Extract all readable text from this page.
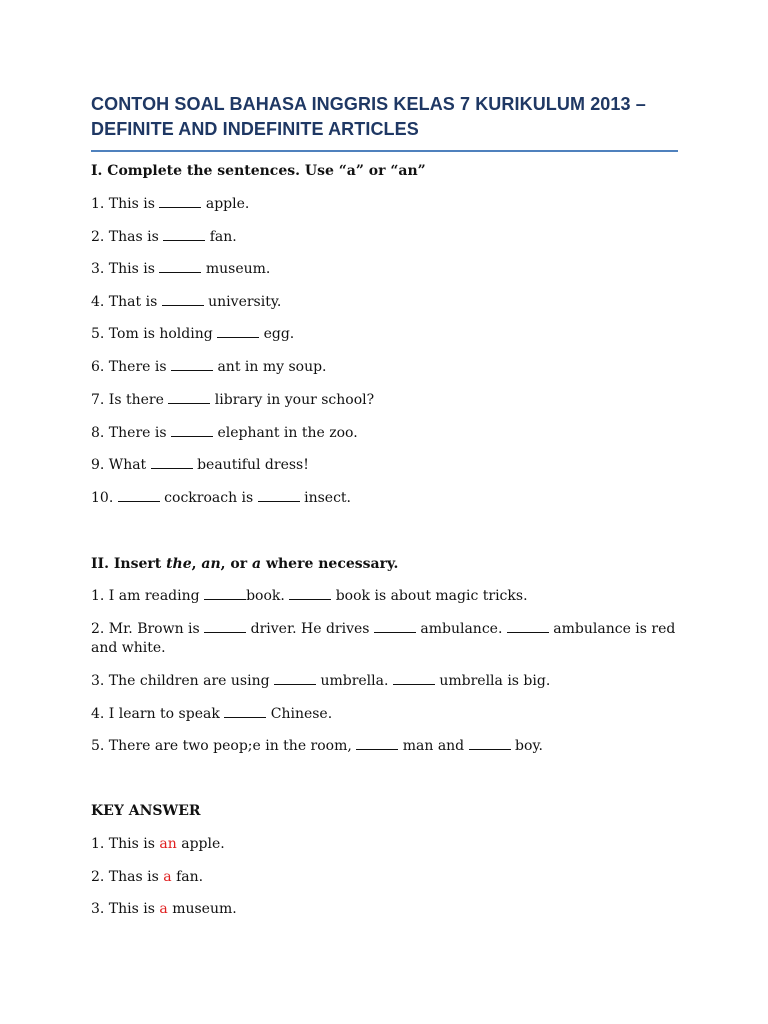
CONTOH SOAL BAHASA INGGRIS KELAS 7 KURIKULUM 2013 –
DEFINITE AND INDEFINITE ARTICLES

I. Complete the sentences. Use “a” or “an”

1. This is	apple.

2. Thas is	fan.

3. This is	museum.

4. That is	university.

5. Tom is holding	egg.

6. There is	ant in my soup.

7. Is there	library in your school?

8. There is	elephant in the zoo.

9. What	beautiful dress!

10.	cockroach is	insect.

II. Insert the, an, or a where necessary.

1. I am reading	book.	book is about magic tricks.

2. Mr. Brown is	driver. He drives	ambulance.	ambulance is red

and white.

3. The children are using	umbrella.	umbrella is big.

4. I learn to speak	Chinese.

5. There are two peop;e in the room,	man and	boy.

KEY ANSWER

1. This is an apple.

2. Thas is a fan.

3. This is a museum.
